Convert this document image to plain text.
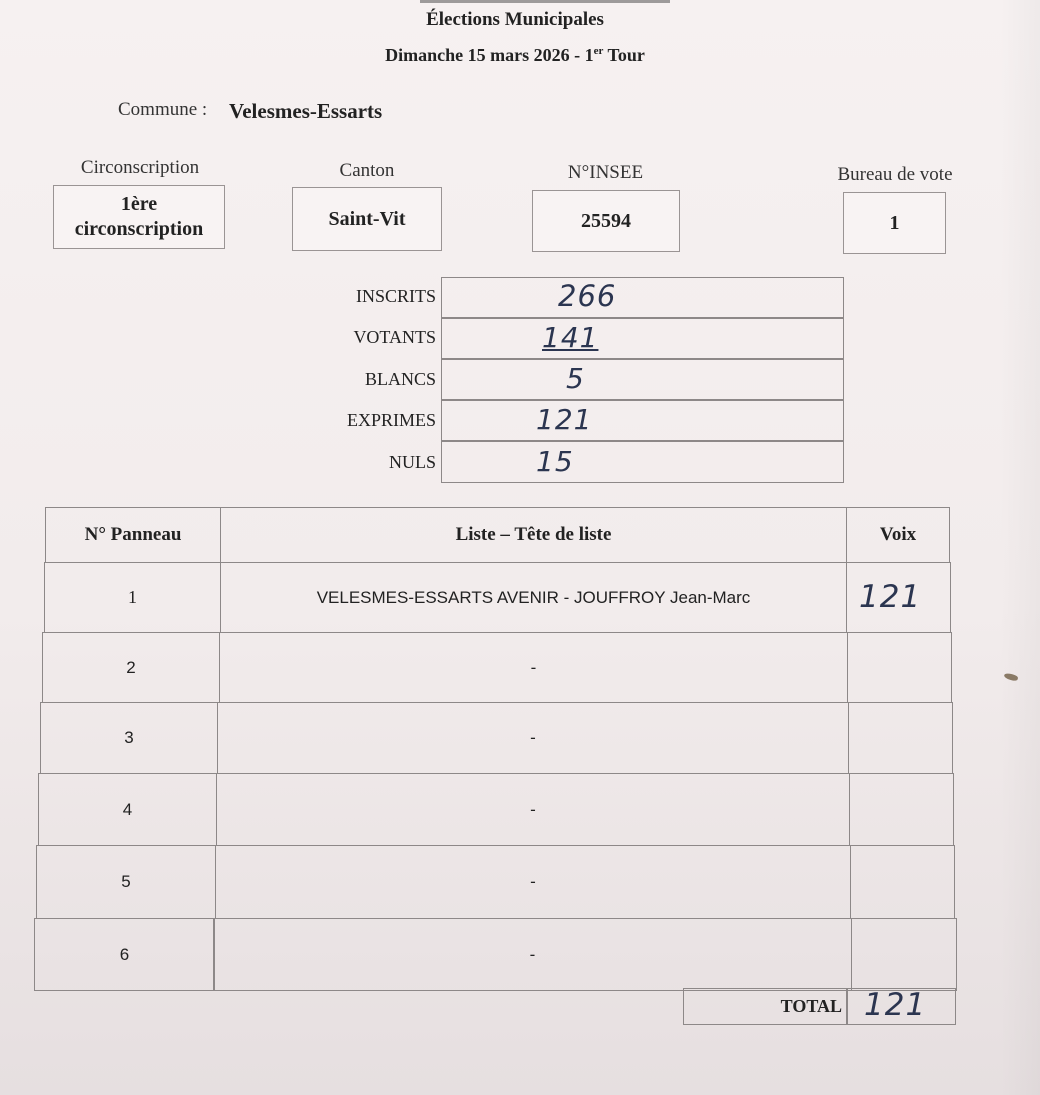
Élections Municipales
Dimanche 15 mars 2026 - 1er Tour
Commune : Velesmes-Essarts
Circonscription
1ère
circonscription
Canton
Saint-Vit
N°INSEE
25594
Bureau de vote
1
INSCRITS	266
VOTANTS	141
BLANCS	5
EXPRIMES	121
NULS	15
N° Panneau	Liste – Tête de liste	Voix
1	VELESMES-ESSARTS AVENIR - JOUFFROY Jean-Marc	121
2	-
3	-
4	-
5	-
6	-
TOTAL 121
